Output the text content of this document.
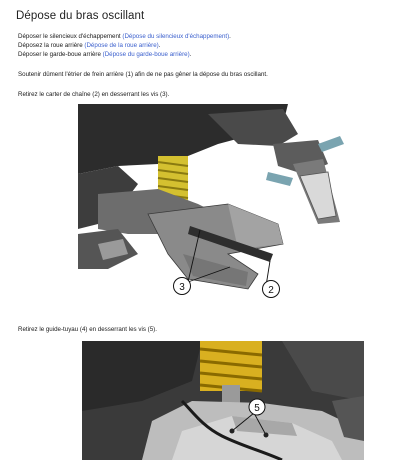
Dépose du bras oscillant
Déposer le silencieux d'échappement (Dépose du silencieux d'échappement).
Déposez la roue arrière (Dépose de la roue arrière).
Déposer le garde-boue arrière (Dépose du garde-boue arrière).
Soutenir dûment l'étrier de frein arrière (1) afin de ne pas gêner la dépose du bras oscillant.
Retirez le carter de chaîne (2) en desserrant les vis (3).
3	2
Retirez le guide-tuyau (4) en desserrant les vis (5).
5
